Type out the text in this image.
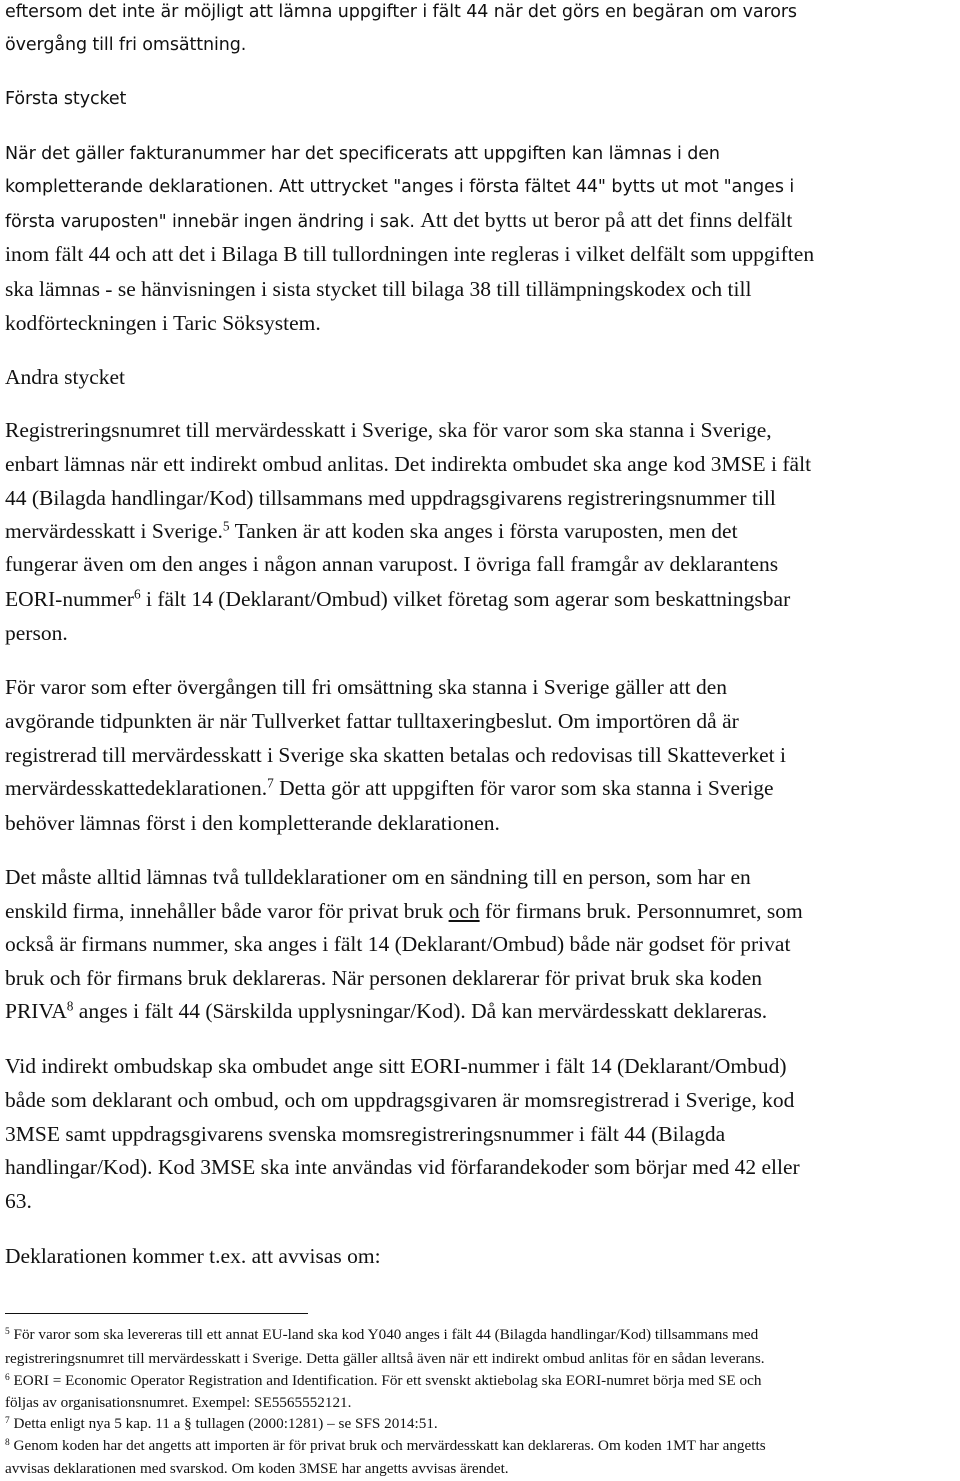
eftersom det inte är möjligt att lämna uppgifter i fält 44 när det görs en begäran om varors
övergång till fri omsättning.
Första stycket
När det gäller fakturanummer har det specificerats att uppgiften kan lämnas i den
kompletterande deklarationen. Att uttrycket "anges i första fältet 44" bytts ut mot "anges i
första varuposten" innebär ingen ändring i sak. Att det bytts ut beror på att det finns delfält
inom fält 44 och att det i Bilaga B till tullordningen inte regleras i vilket delfält som uppgiften
ska lämnas - se hänvisningen i sista stycket till bilaga 38 till tillämpningskodex och till
kodförteckningen i Taric Söksystem.
Andra stycket
Registreringsnumret till mervärdesskatt i Sverige, ska för varor som ska stanna i Sverige,
enbart lämnas när ett indirekt ombud anlitas. Det indirekta ombudet ska ange kod 3MSE i fält
44 (Bilagda handlingar/Kod) tillsammans med uppdragsgivarens registreringsnummer till
mervärdesskatt i Sverige.$^5$ Tanken är att koden ska anges i första varuposten, men det
fungerar även om den anges i någon annan varupost. I övriga fall framgår av deklarantens
EORI-nummer$^6$ i fält 14 (Deklarant/Ombud) vilket företag som agerar som beskattningsbar
person.
För varor som efter övergången till fri omsättning ska stanna i Sverige gäller att den
avgörande tidpunkten är när Tullverket fattar tulltaxeringbeslut. Om importören då är
registrerad till mervärdesskatt i Sverige ska skatten betalas och redovisas till Skatteverket i
mervärdesskattedeklarationen.$^7$ Detta gör att uppgiften för varor som ska stanna i Sverige
behöver lämnas först i den kompletterande deklarationen.
Det måste alltid lämnas två tulldeklarationer om en sändning till en person, som har en
enskild firma, innehåller både varor för privat bruk och för firmans bruk. Personnumret, som
också är firmans nummer, ska anges i fält 14 (Deklarant/Ombud) både när godset för privat
bruk och för firmans bruk deklareras. När personen deklarerar för privat bruk ska koden
PRIVA$^8$ anges i fält 44 (Särskilda upplysningar/Kod). Då kan mervärdesskatt deklareras.
Vid indirekt ombudskap ska ombudet ange sitt EORI-nummer i fält 14 (Deklarant/Ombud)
både som deklarant och ombud, och om uppdragsgivaren är momsregistrerad i Sverige, kod
3MSE samt uppdragsgivarens svenska momsregistreringsnummer i fält 44 (Bilagda
handlingar/Kod). Kod 3MSE ska inte användas vid förfarandekoder som börjar med 42 eller
63.
Deklarationen kommer t.ex. att avvisas om:
$^5$ För varor som ska levereras till ett annat EU-land ska kod Y040 anges i fält 44 (Bilagda handlingar/Kod) tillsammans med
registreringsnumret till mervärdesskatt i Sverige. Detta gäller alltså även när ett indirekt ombud anlitas för en sådan leverans.
$^6$ EORI = Economic Operator Registration and Identification. För ett svenskt aktiebolag ska EORI-numret börja med SE och
följas av organisationsnumret. Exempel: SE5565552121.
$^7$ Detta enligt nya 5 kap. 11 a § tullagen (2000:1281) – se SFS 2014:51.
$^8$ Genom koden har det angetts att importen är för privat bruk och mervärdesskatt kan deklareras. Om koden 1MT har angetts
avvisas deklarationen med svarskod. Om koden 3MSE har angetts avvisas ärendet.
